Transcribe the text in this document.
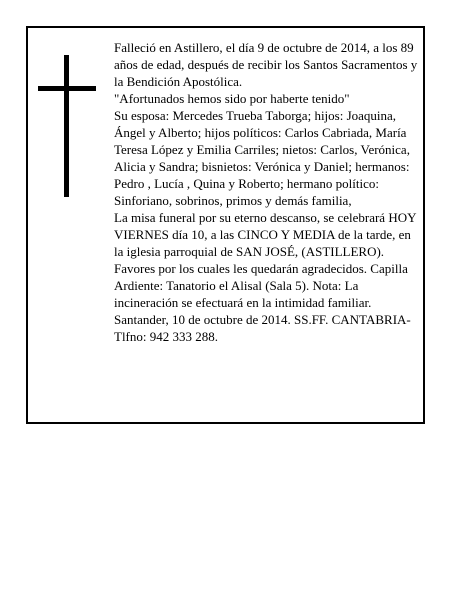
Falleció en Astillero, el día 9 de octubre de 2014, a los 89 años de edad, después de recibir los Santos Sacramentos y la Bendición Apostólica.

"Afortunados hemos sido por haberte tenido"

Su esposa: Mercedes Trueba Taborga; hijos: Joaquina, Ángel y Alberto; hijos políticos: Carlos Cabriada, María Teresa López y Emilia Carriles; nietos: Carlos, Verónica, Alicia y Sandra; bisnietos: Verónica y Daniel; hermanos: Pedro , Lucía , Quina y Roberto; hermano político: Sinforiano, sobrinos, primos y demás familia,

La misa funeral por su eterno descanso, se celebrará HOY VIERNES día 10, a las CINCO Y MEDIA de la tarde, en la iglesia parroquial de SAN JOSÉ, (ASTILLERO). Favores por los cuales les quedarán agradecidos. Capilla Ardiente: Tanatorio el Alisal (Sala 5). Nota: La incineración se efectuará en la intimidad familiar.

Santander, 10 de octubre de 2014. SS.FF. CANTABRIA-Tlfno: 942 333 288.
